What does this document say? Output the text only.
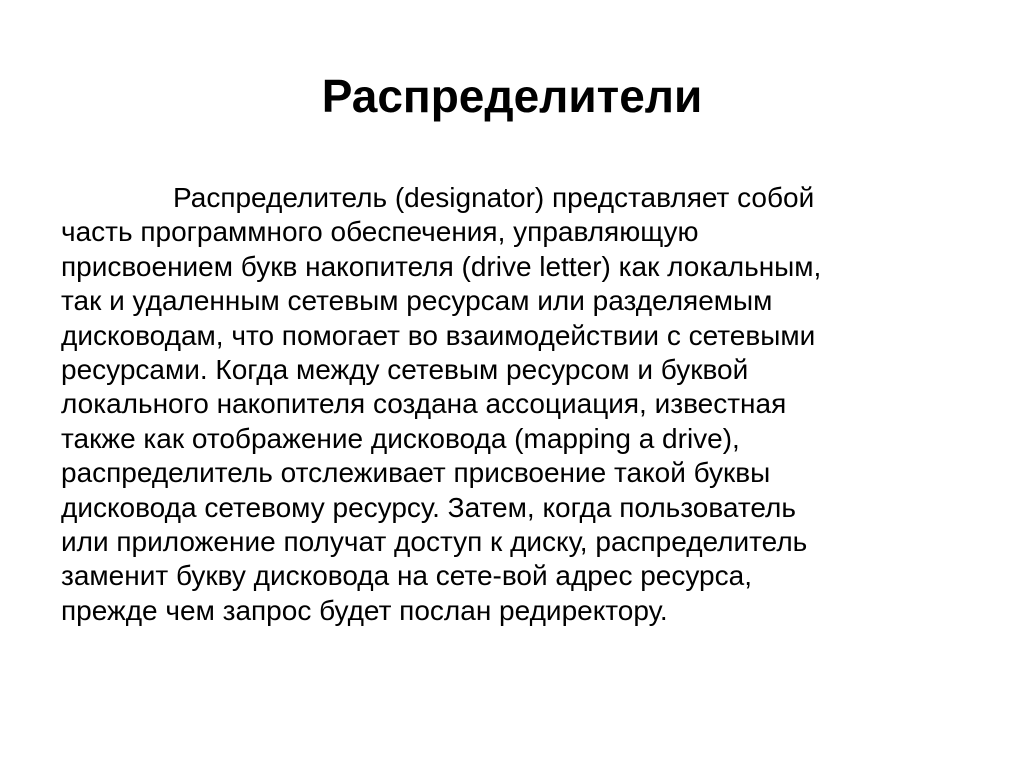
Распределители

Распределитель (designator) представляет собой
часть программного обеспечения, управляющую
присвоением букв накопителя (drive letter) как локальным,
так и удаленным сетевым ресурсам или разделяемым
дисководам, что помогает во взаимодействии с сетевыми
ресурсами. Когда между сетевым ресурсом и буквой
локального накопителя создана ассоциация, известная
также как отображение дисковода (mapping a drive),
распределитель отслеживает присвоение такой буквы
дисковода сетевому ресурсу. Затем, когда пользователь
или приложение получат доступ к диску, распределитель
заменит букву дисковода на сете-вой адрес ресурса,
прежде чем запрос будет послан редиректору.
